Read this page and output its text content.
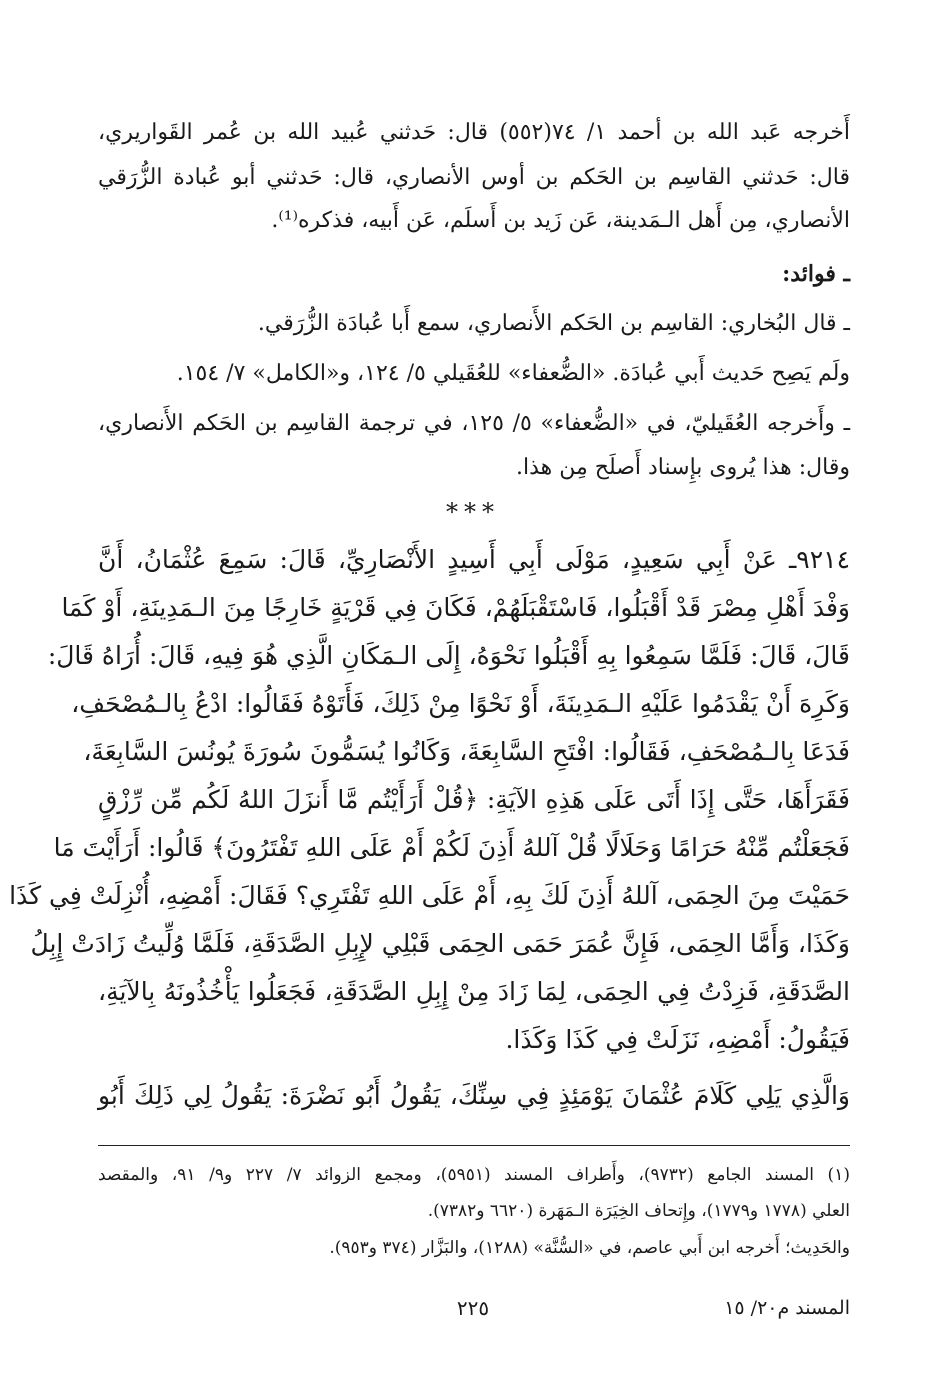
أَخرجه عَبد الله بن أحمد ١/ ٧٤(٥٥٢) قال: حَدثني عُبيد الله بن عُمر القَواريري،
قال: حَدثني القاسِم بن الحَكم بن أوس الأنصاري، قال: حَدثني أبو عُبادة الزُّرَقي
الأنصاري، مِن أَهل الـمَدينة، عَن زَيد بن أَسلَم، عَن أَبيه، فذكره⁽¹⁾.
ـ فوائد:
ـ قال البُخاري: القاسِم بن الحَكم الأَنصاري، سمع أَبا عُبادَة الزُّرَقي.
ولَم يَصِح حَديث أَبي عُبادَة. «الضُّعفاء» للعُقَيلي ٥/ ١٢٤، و«الكامل» ٧/ ١٥٤.
ـ وأَخرجه العُقَيليّ، في «الضُّعفاء» ٥/ ١٢٥، في ترجمة القاسِم بن الحَكم الأَنصاري،
وقال: هذا يُروى بإِسناد أَصلَح مِن هذا.
***
٩٢١٤ـ عَنْ أَبِي سَعِيدٍ، مَوْلَى أَبِي أَسِيدٍ الأَنْصَارِيِّ، قَالَ: سَمِعَ عُثْمَانُ، أَنَّ
وَفْدَ أَهْلِ مِصْرَ قَدْ أَقْبَلُوا، فَاسْتَقْبَلَهُمْ، فَكَانَ فِي قَرْيَةٍ خَارِجًا مِنَ الـمَدِينَةِ، أَوْ كَمَا
قَالَ، قَالَ: فَلَمَّا سَمِعُوا بِهِ أَقْبَلُوا نَحْوَهُ، إِلَى الـمَكَانِ الَّذِي هُوَ فِيهِ، قَالَ: أُرَاهُ قَالَ:
وَكَرِهَ أَنْ يَقْدَمُوا عَلَيْهِ الـمَدِينَةَ، أَوْ نَحْوًا مِنْ ذَلِكَ، فَأَتَوْهُ فَقَالُوا: ادْعُ بِالـمُصْحَفِ،
فَدَعَا بِالـمُصْحَفِ، فَقَالُوا: افْتَحِ السَّابِعَةَ، وَكَانُوا يُسَمُّونَ سُورَةَ يُونُسَ السَّابِعَةَ،
فَقَرَأَهَا، حَتَّى إِذَا أَتَى عَلَى هَذِهِ الآيَةِ: ﴿قُلْ أَرَأَيْتُم مَّا أَنزَلَ اللهُ لَكُم مِّن رِّزْقٍ
فَجَعَلْتُم مِّنْهُ حَرَامًا وَحَلَالًا قُلْ آللهُ أَذِنَ لَكُمْ أَمْ عَلَى اللهِ تَفْتَرُونَ﴾ قَالُوا: أَرَأَيْتَ مَا
حَمَيْتَ مِنَ الحِمَى، آللهُ أَذِنَ لَكَ بِهِ، أَمْ عَلَى اللهِ تَفْتَرِي؟ فَقَالَ: أَمْضِهِ، أُنْزِلَتْ فِي كَذَا
وَكَذَا، وَأَمَّا الحِمَى، فَإِنَّ عُمَرَ حَمَى الحِمَى قَبْلِي لإِبِلِ الصَّدَقَةِ، فَلَمَّا وُلِّيتُ زَادَتْ إِبِلُ
الصَّدَقَةِ، فَزِدْتُ فِي الحِمَى، لِمَا زَادَ مِنْ إِبِلِ الصَّدَقَةِ، فَجَعَلُوا يَأْخُذُونَهُ بِالآيَةِ،
فَيَقُولُ: أَمْضِهِ، نَزَلَتْ فِي كَذَا وَكَذَا.
وَالَّذِي يَلِي كَلَامَ عُثْمَانَ يَوْمَئِذٍ فِي سِنِّكَ، يَقُولُ أَبُو نَضْرَةَ: يَقُولُ لِي ذَلِكَ أَبُو
(١) المسند الجامع (٩٧٣٢)، وأَطراف المسند (٥٩٥١)، ومجمع الزوائد ٧/ ٢٢٧ و٩/ ٩١، والمقصد
العلي (١٧٧٨ و١٧٧٩)، وإِتحاف الخِيَرَة الـمَهَرة (٦٦٢٠ و٧٣٨٢).
والحَدِيث؛ أَخرجه ابن أَبي عاصم، في «السُّنَّة» (١٢٨٨)، والبَزَّار (٣٧٤ و٩٥٣).
المسند م٢٠/ ١٥
٢٢٥
